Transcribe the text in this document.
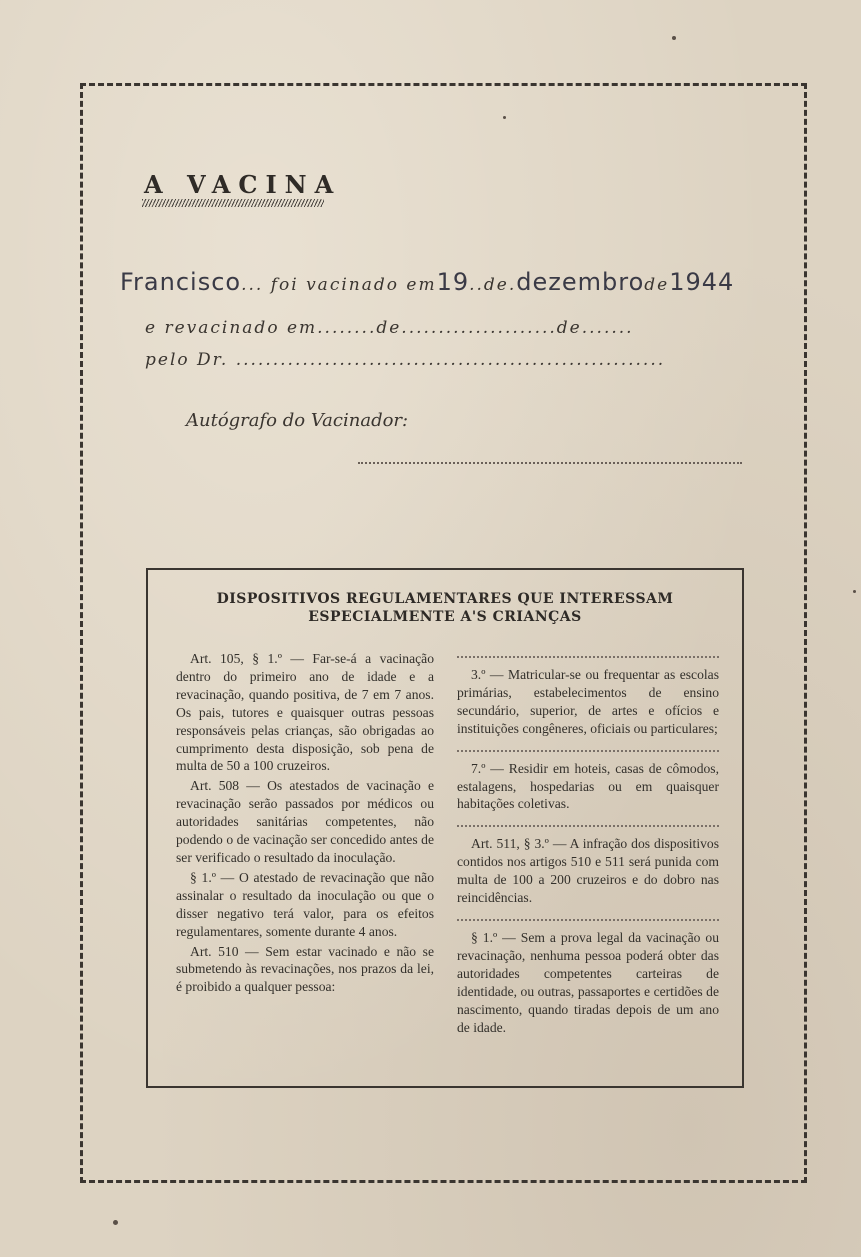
A VACINA
Francisco... foi vacinado em19..de.dezembrode1944
e revacinado em........de.....................de.......
pelo Dr. ..........................................................
Autógrafo do Vacinador:
DISPOSITIVOS REGULAMENTARES QUE INTERESSAM
ESPECIALMENTE A'S CRIANÇAS

Art. 105, § 1.º — Far-se-á a vacinação dentro do primeiro ano de idade e a revacinação, quando positiva, de 7 em 7 anos. Os pais, tutores e quaisquer outras pessoas responsáveis pelas crianças, são obrigadas ao cumprimento desta disposição, sob pena de multa de 50 a 100 cruzeiros.

Art. 508 — Os atestados de vacinação e revacinação serão passados por médicos ou autoridades sanitárias competentes, não podendo o de vacinação ser concedido antes de ser verificado o resultado da inoculação.

§ 1.º — O atestado de revacinação que não assinalar o resultado da inoculação ou que o disser negativo terá valor, para os efeitos regulamentares, somente durante 4 anos.

Art. 510 — Sem estar vacinado e não se submetendo às revacinações, nos prazos da lei, é proibido a qualquer pessoa:

3.º — Matricular-se ou frequentar as escolas primárias, estabelecimentos de ensino secundário, superior, de artes e ofícios e instituições congêneres, oficiais ou particulares;

7.º — Residir em hoteis, casas de cômodos, estalagens, hospedarias ou em quaisquer habitações coletivas.

Art. 511, § 3.º — A infração dos dispositivos contidos nos artigos 510 e 511 será punida com multa de 100 a 200 cruzeiros e do dobro nas reincidências.

§ 1.º — Sem a prova legal da vacinação ou revacinação, nenhuma pessoa poderá obter das autoridades competentes carteiras de identidade, ou outras, passaportes e certidões de nascimento, quando tiradas depois de um ano de idade.
